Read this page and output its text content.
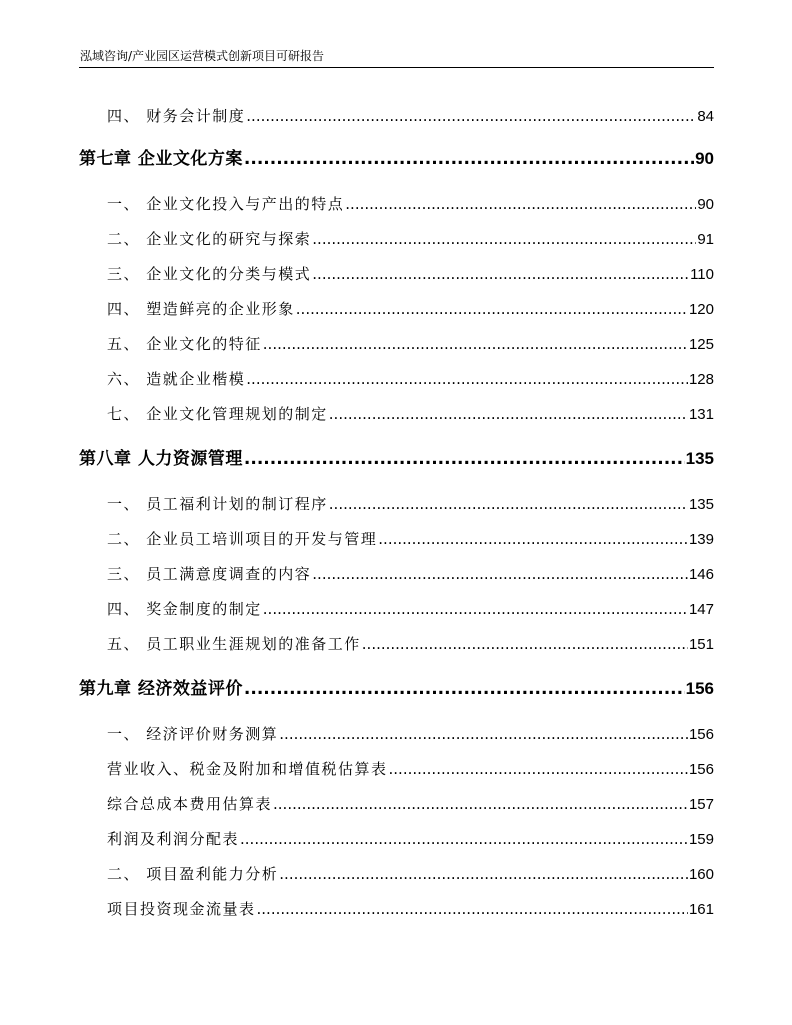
泓域咨询/产业园区运营模式创新项目可研报告
四、 财务会计制度 .....	84
第七章 企业文化方案 .....	90
一、 企业文化投入与产出的特点 .....	90
二、 企业文化的研究与探索 .....	91
三、 企业文化的分类与模式 .....	110
四、 塑造鲜亮的企业形象 .....	120
五、 企业文化的特征 .....	125
六、 造就企业楷模 .....	128
七、 企业文化管理规划的制定 .....	131
第八章 人力资源管理 .....	135
一、 员工福利计划的制订程序 .....	135
二、 企业员工培训项目的开发与管理 .....	139
三、 员工满意度调查的内容 .....	146
四、 奖金制度的制定 .....	147
五、 员工职业生涯规划的准备工作 .....	151
第九章 经济效益评价 .....	156
一、 经济评价财务测算 .....	156
营业收入、税金及附加和增值税估算表 .....	156
综合总成本费用估算表 .....	157
利润及利润分配表 .....	159
二、 项目盈利能力分析 .....	160
项目投资现金流量表 .....	161
